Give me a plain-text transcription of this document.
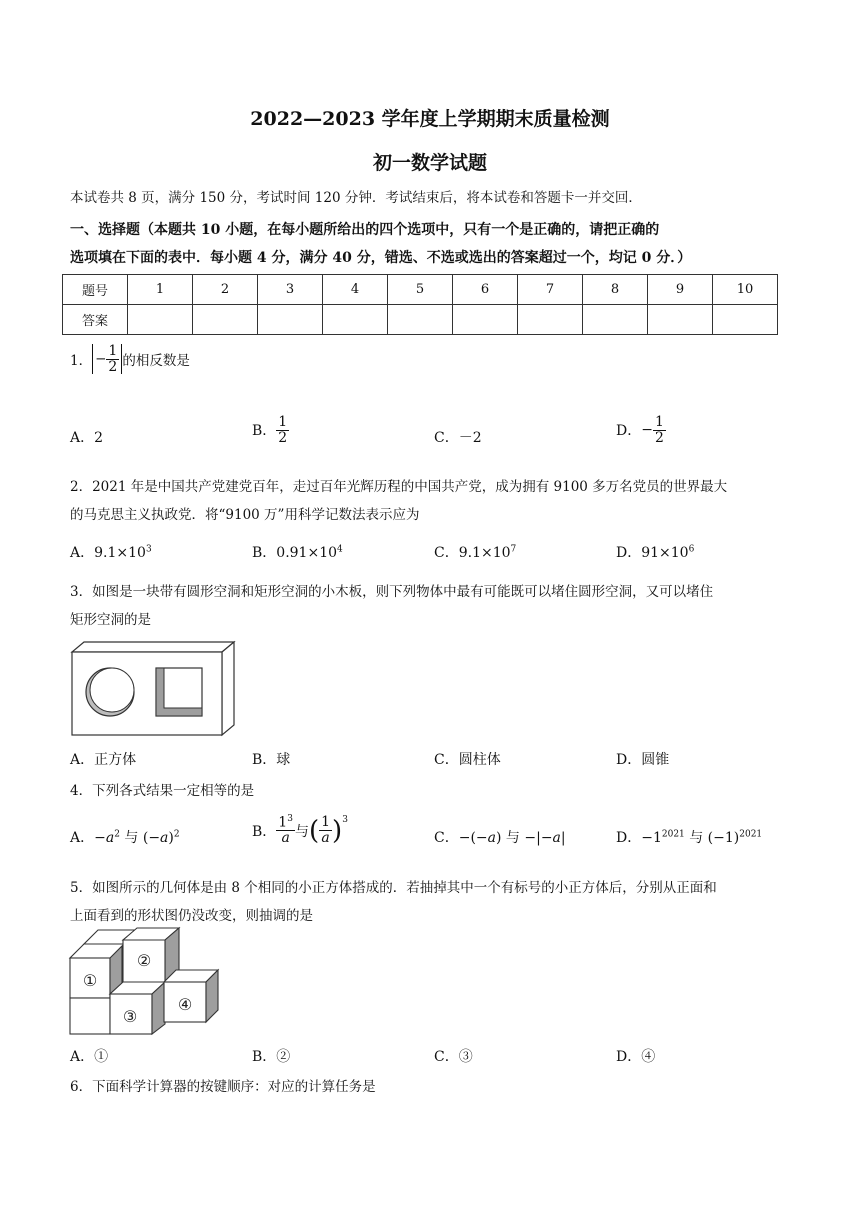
2022—2023 学年度上学期期末质量检测
初一数学试题
本试卷共 8 页，满分 150 分，考试时间 120 分钟．考试结束后，将本试卷和答题卡一并交回．
一、选择题（本题共 10 小题，在每小题所给出的四个选项中，只有一个是正确的，请把正确的
选项填在下面的表中．每小题 4 分，满分 40 分，错选、不选或选出的答案超过一个，均记 0 分．）
题号	1	2	3	4	5	6	7	8	9	10
答案										
1． − $\frac{1}{2}$ 的相反数是
A．2	B． $\frac{1}{2}$	C．－2	D． − $\frac{1}{2}$
2．2021 年是中国共产党建党百年，走过百年光辉历程的中国共产党，成为拥有 9100 多万名党员的世界最大
的马克思主义执政党．将“9100 万”用科学记数法表示应为
A．$9.1\times 10^3$	B．$0.91\times 10^4$	C．$9.1\times 10^7$	D．$91\times 10^6$
3．如图是一块带有圆形空洞和矩形空洞的小木板，则下列物体中最有可能既可以堵住圆形空洞，又可以堵住
矩形空洞的是
A．正方体	B．球	C．圆柱体	D．圆锥
4．下列各式结果一定相等的是
A．$-a^2$ 与 $(-a)^2$	B． $\frac{1^3}{a}$ 与 ( $\frac{1}{a} )^3$
C．−(−a) 与 −|−a|	D．$-1^{2021}$ 与 $(-1)^{2021}$
5．如图所示的几何体是由 8 个相同的小正方体搭成的．若抽掉其中一个有标号的小正方体后，分别从正面和
上面看到的形状图仍没改变，则抽调的是
①
②
③
④
A．①	B．②	C．③	D．④
6．下面科学计算器的按键顺序：对应的计算任务是
